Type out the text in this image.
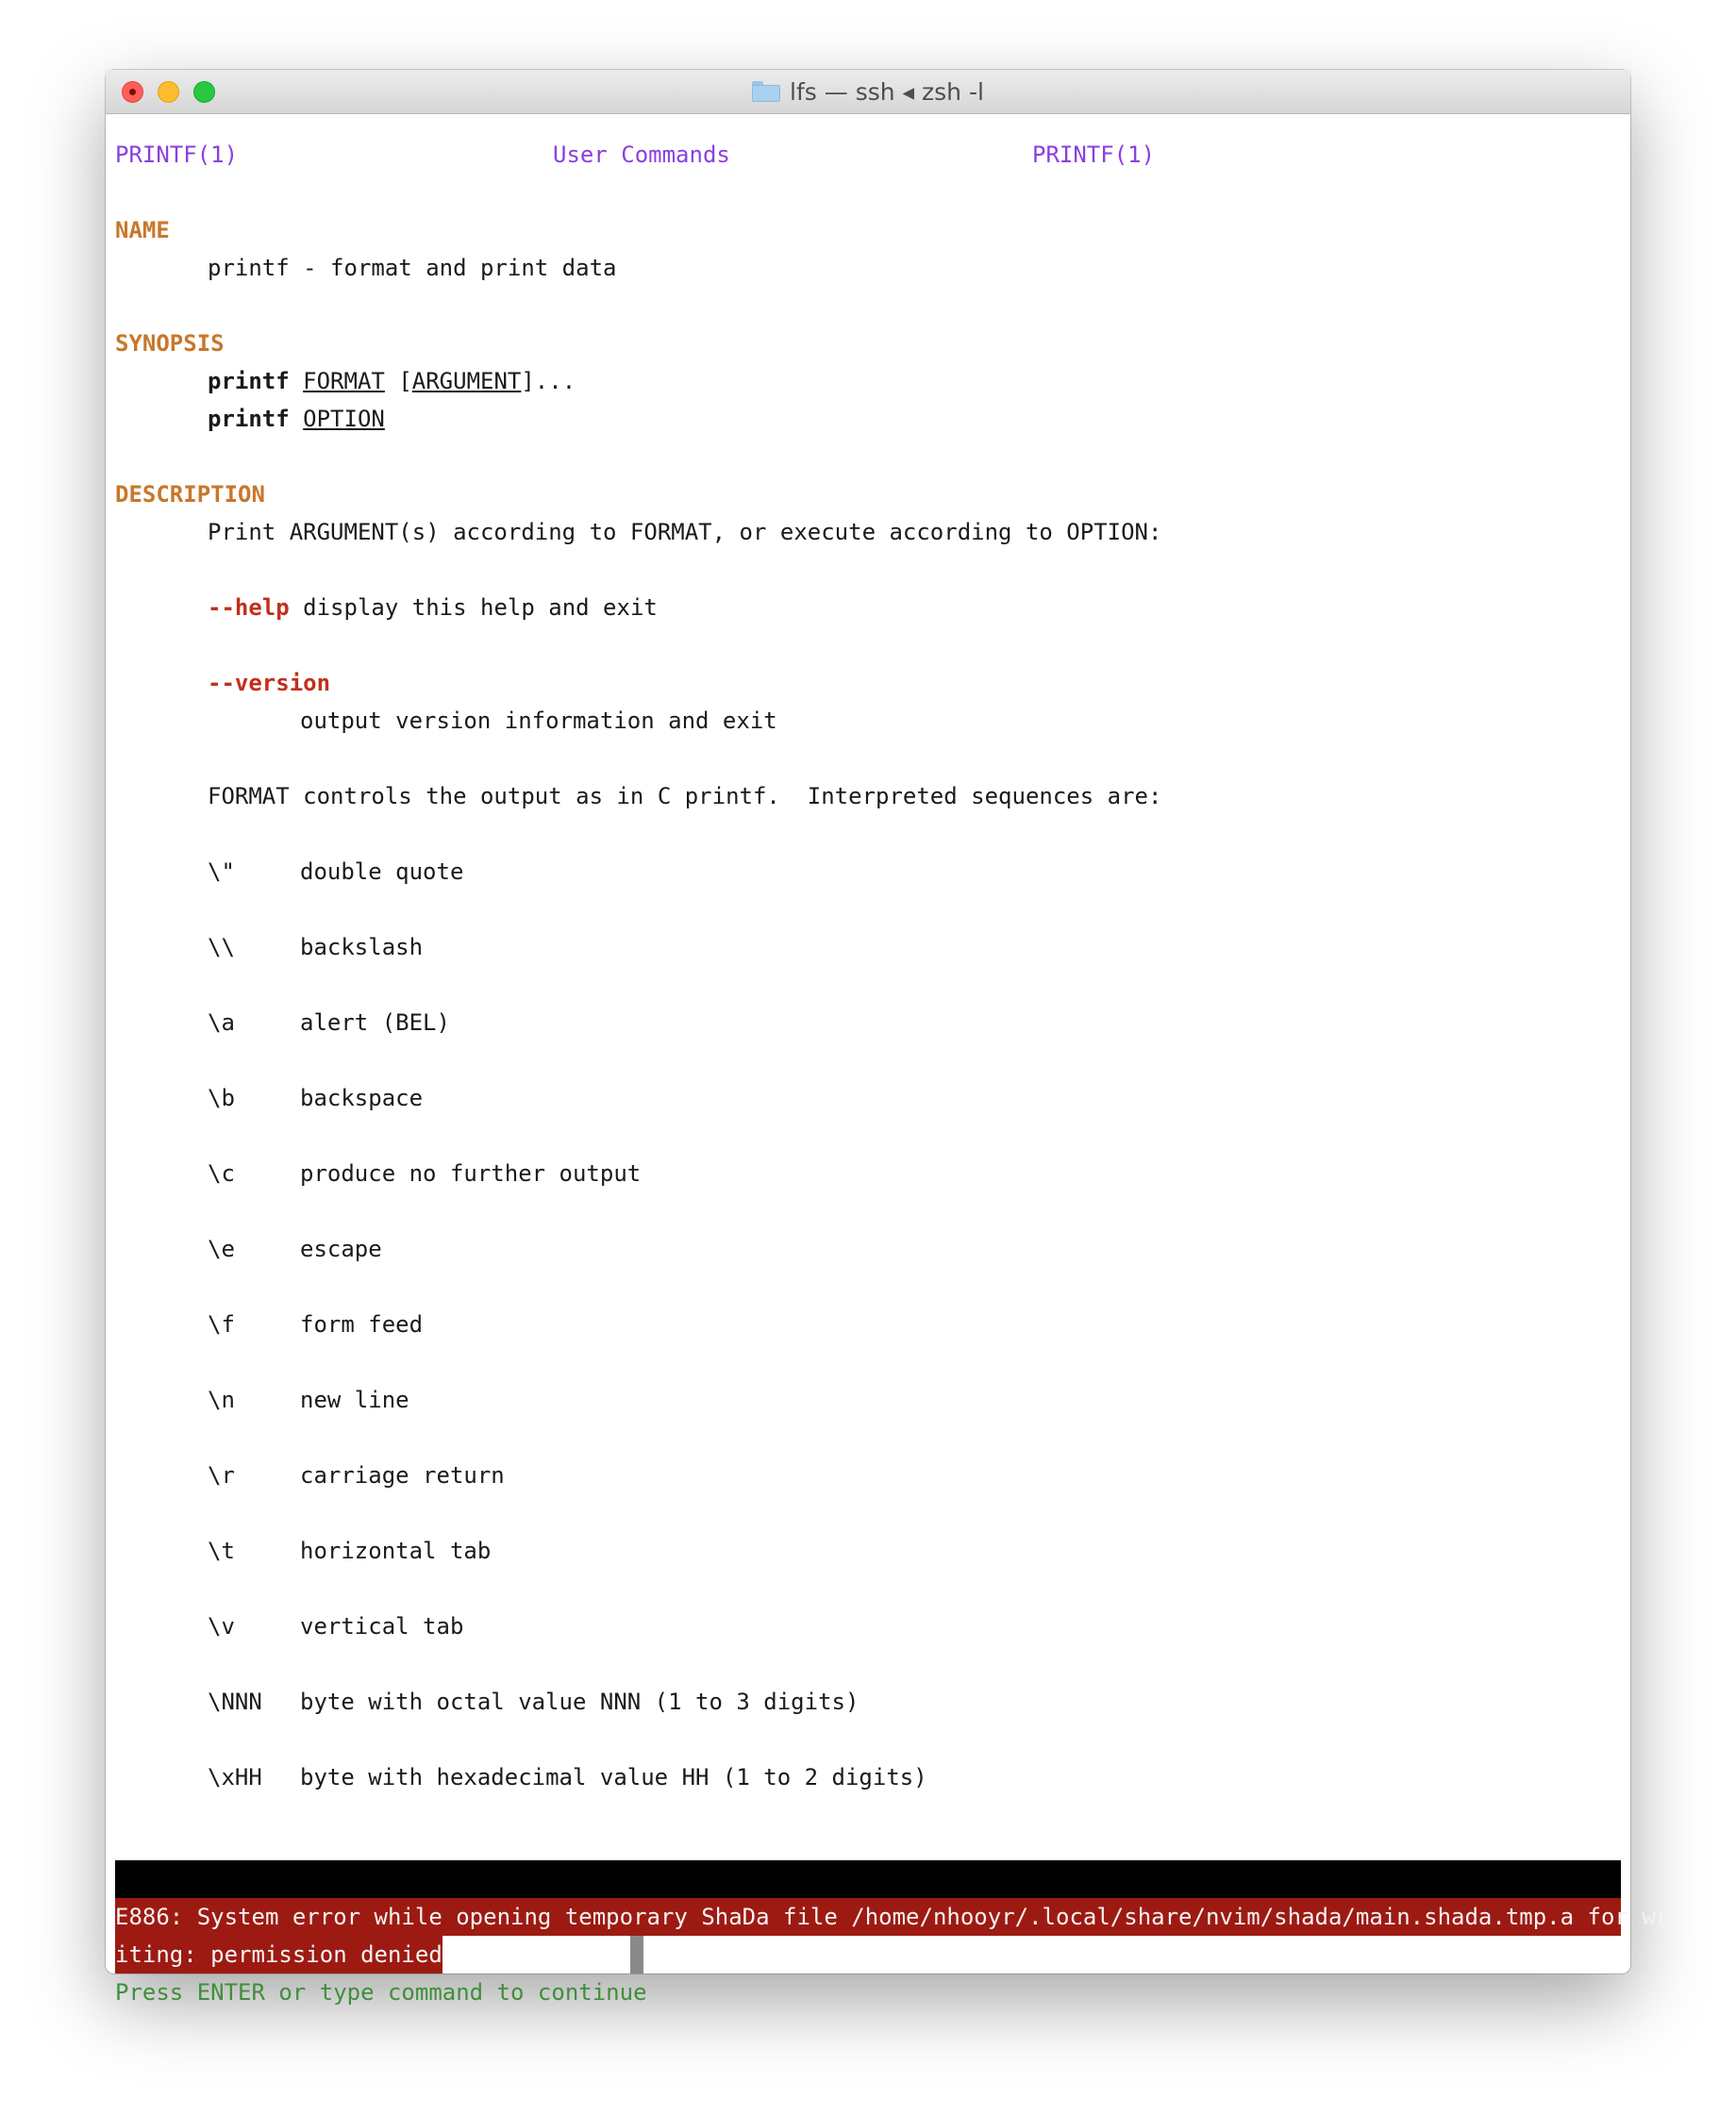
lfs — ssh ◂ zsh -l
PRINTF(1)	User Commands	PRINTF(1)
NAME
printf - format and print data
SYNOPSIS
printf FORMAT [ARGUMENT]...
printf OPTION
DESCRIPTION
Print ARGUMENT(s) according to FORMAT, or execute according to OPTION:
--help display this help and exit
--version
output version information and exit
FORMAT controls the output as in C printf.  Interpreted sequences are:
\"	double quote
\\	backslash
\a	alert (BEL)
\b	backspace
\c	produce no further output
\e	escape
\f	form feed
\n	new line
\r	carriage return
\t	horizontal tab
\v	vertical tab
\NNN byte with octal value NNN (1 to 3 digits)
\xHH byte with hexadecimal value HH (1 to 2 digits)
E886: System error while opening temporary ShaDa file /home/nhooyr/.local/share/nvim/shada/main.shada.tmp.a for wr
iting: permission denied
Press ENTER or type command to continue
